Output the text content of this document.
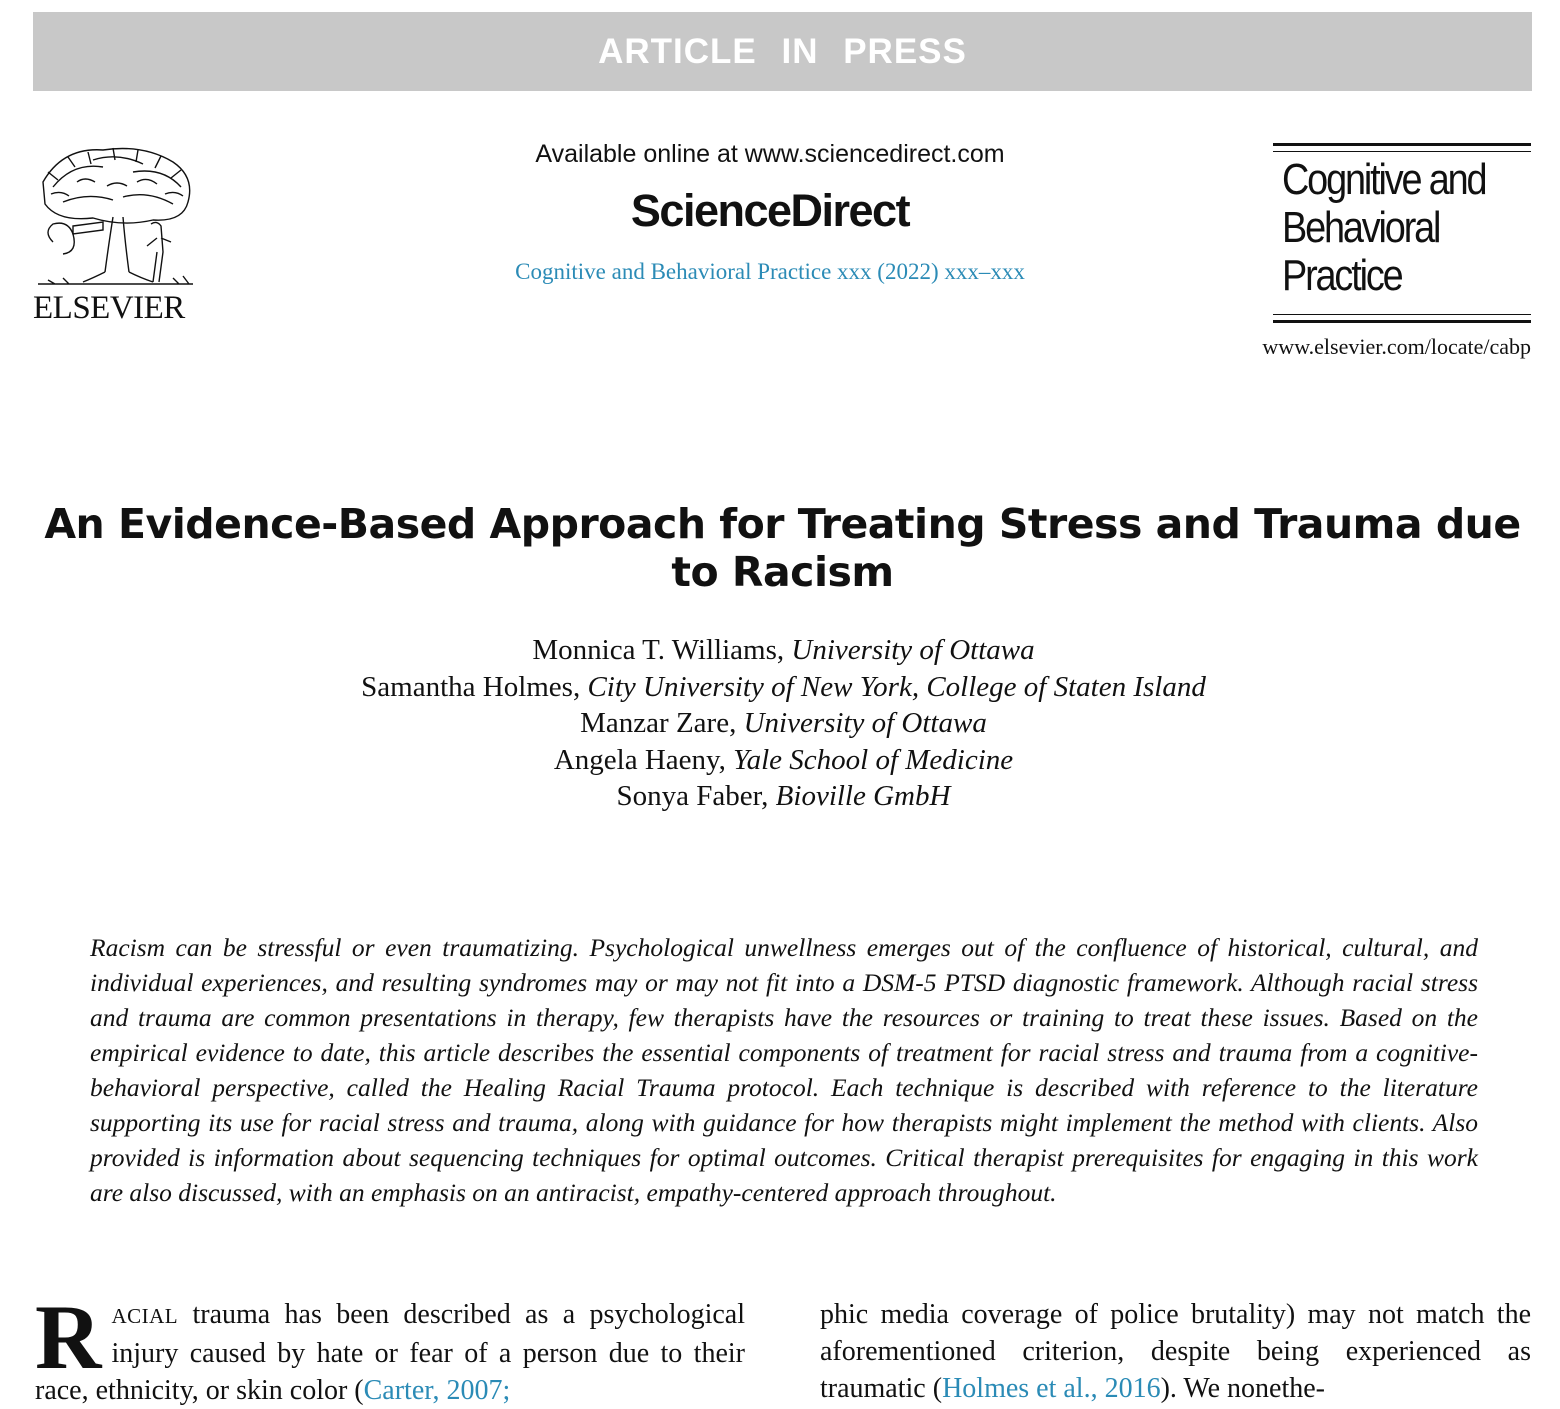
ARTICLE IN PRESS
ELSEVIER
Available online at www.sciencedirect.com
ScienceDirect
Cognitive and Behavioral Practice xxx (2022) xxx–xxx
Cognitive and
Behavioral
Practice
www.elsevier.com/locate/cabp
An Evidence-Based Approach for Treating Stress and Trauma due
to Racism
Monnica T. Williams, University of Ottawa
Samantha Holmes, City University of New York, College of Staten Island
Manzar Zare, University of Ottawa
Angela Haeny, Yale School of Medicine
Sonya Faber, Bioville GmbH
Racism can be stressful or even traumatizing. Psychological unwellness emerges out of the confluence of historical, cultural, and individual experiences, and resulting syndromes may or may not fit into a DSM-5 PTSD diagnostic framework. Although racial stress and trauma are common presentations in therapy, few therapists have the resources or training to treat these issues. Based on the empirical evidence to date, this article describes the essential components of treatment for racial stress and trauma from a cognitive-behavioral perspective, called the Healing Racial Trauma protocol. Each technique is described with reference to the literature supporting its use for racial stress and trauma, along with guidance for how therapists might implement the method with clients. Also provided is information about sequencing techniques for optimal outcomes. Critical therapist prerequisites for engaging in this work are also discussed, with an emphasis on an antiracist, empathy-centered approach throughout.
RACIAL trauma has been described as a psychological injury caused by hate or fear of a person due to their race, ethnicity, or skin color (Carter, 2007;
phic media coverage of police brutality) may not match the aforementioned criterion, despite being experienced as traumatic (Holmes et al., 2016). We nonethe-
